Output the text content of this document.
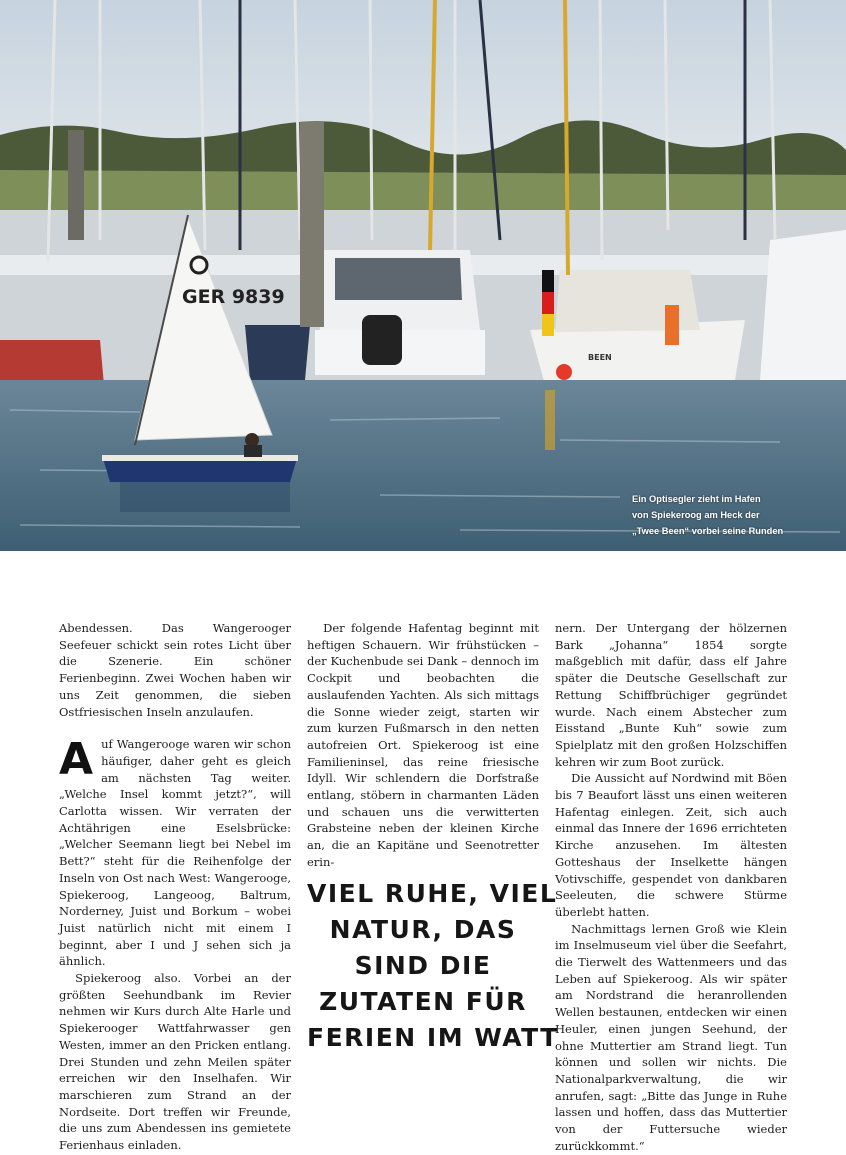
BEEN
GER 9839
Ein Optisegler zieht im Hafen
von Spiekeroog am Heck der
„Twee Been“ vorbei seine Runden

Abendessen. Das Wangerooger Seefeuer schickt sein rotes Licht über die Szenerie. Ein schöner Ferienbeginn. Zwei Wochen haben wir uns Zeit genommen, die sieben Ostfriesischen Inseln anzulaufen.

Auf Wangerooge waren wir schon häufiger, daher geht es gleich am nächsten Tag weiter. „Welche Insel kommt jetzt?“, will Carlotta wissen. Wir verraten der Achtährigen eine Eselsbrücke: „Welcher Seemann liegt bei Nebel im Bett?“ steht für die Reihenfolge der Inseln von Ost nach West: Wangerooge, Spiekeroog, Langeoog, Baltrum, Norderney, Juist und Borkum – wobei Juist natürlich nicht mit einem I beginnt, aber I und J sehen sich ja ähnlich.

Spiekeroog also. Vorbei an der größten Seehundbank im Revier nehmen wir Kurs durch Alte Harle und Spiekerooger Wattfahrwasser gen Westen, immer an den Pricken entlang. Drei Stunden und zehn Meilen später erreichen wir den Inselhafen. Wir marschieren zum Strand an der Nordseite. Dort treffen wir Freunde, die uns zum Abendessen ins gemietete Ferienhaus einladen.

Der folgende Hafentag beginnt mit heftigen Schauern. Wir frühstücken – der Kuchenbude sei Dank – dennoch im Cockpit und beobachten die auslaufenden Yachten. Als sich mittags die Sonne wieder zeigt, starten wir zum kurzen Fußmarsch in den netten autofreien Ort. Spiekeroog ist eine Familieninsel, das reine friesische Idyll. Wir schlendern die Dorfstraße entlang, stöbern in charmanten Läden und schauen uns die verwitterten Grabsteine neben der kleinen Kirche an, die an Kapitäne und Seenotretter erin-

VIEL RUHE, VIEL
NATUR, DAS
SIND DIE
ZUTATEN FÜR
FERIEN IM WATT

nern. Der Untergang der hölzernen Bark „Johanna“ 1854 sorgte maßgeblich mit dafür, dass elf Jahre später die Deutsche Gesellschaft zur Rettung Schiffbrüchiger gegründet wurde. Nach einem Abstecher zum Eisstand „Bunte Kuh“ sowie zum Spielplatz mit den großen Holzschiffen kehren wir zum Boot zurück.

Die Aussicht auf Nordwind mit Böen bis 7 Beaufort lässt uns einen weiteren Hafentag einlegen. Zeit, sich auch einmal das Innere der 1696 errichteten Kirche anzusehen. Im ältesten Gotteshaus der Inselkette hängen Votivschiffe, gespendet von dankbaren Seeleuten, die schwere Stürme überlebt hatten.

Nachmittags lernen Groß wie Klein im Inselmuseum viel über die Seefahrt, die Tierwelt des Wattenmeers und das Leben auf Spiekeroog. Als wir später am Nordstrand die heranrollenden Wellen bestaunen, entdecken wir einen Heuler, einen jungen Seehund, der ohne Muttertier am Strand liegt. Tun können und sollen wir nichts. Die Nationalparkverwaltung, die wir anrufen, sagt: „Bitte das Junge in Ruhe lassen und hoffen, dass das Muttertier von der Futtersuche wieder zurückkommt.“
